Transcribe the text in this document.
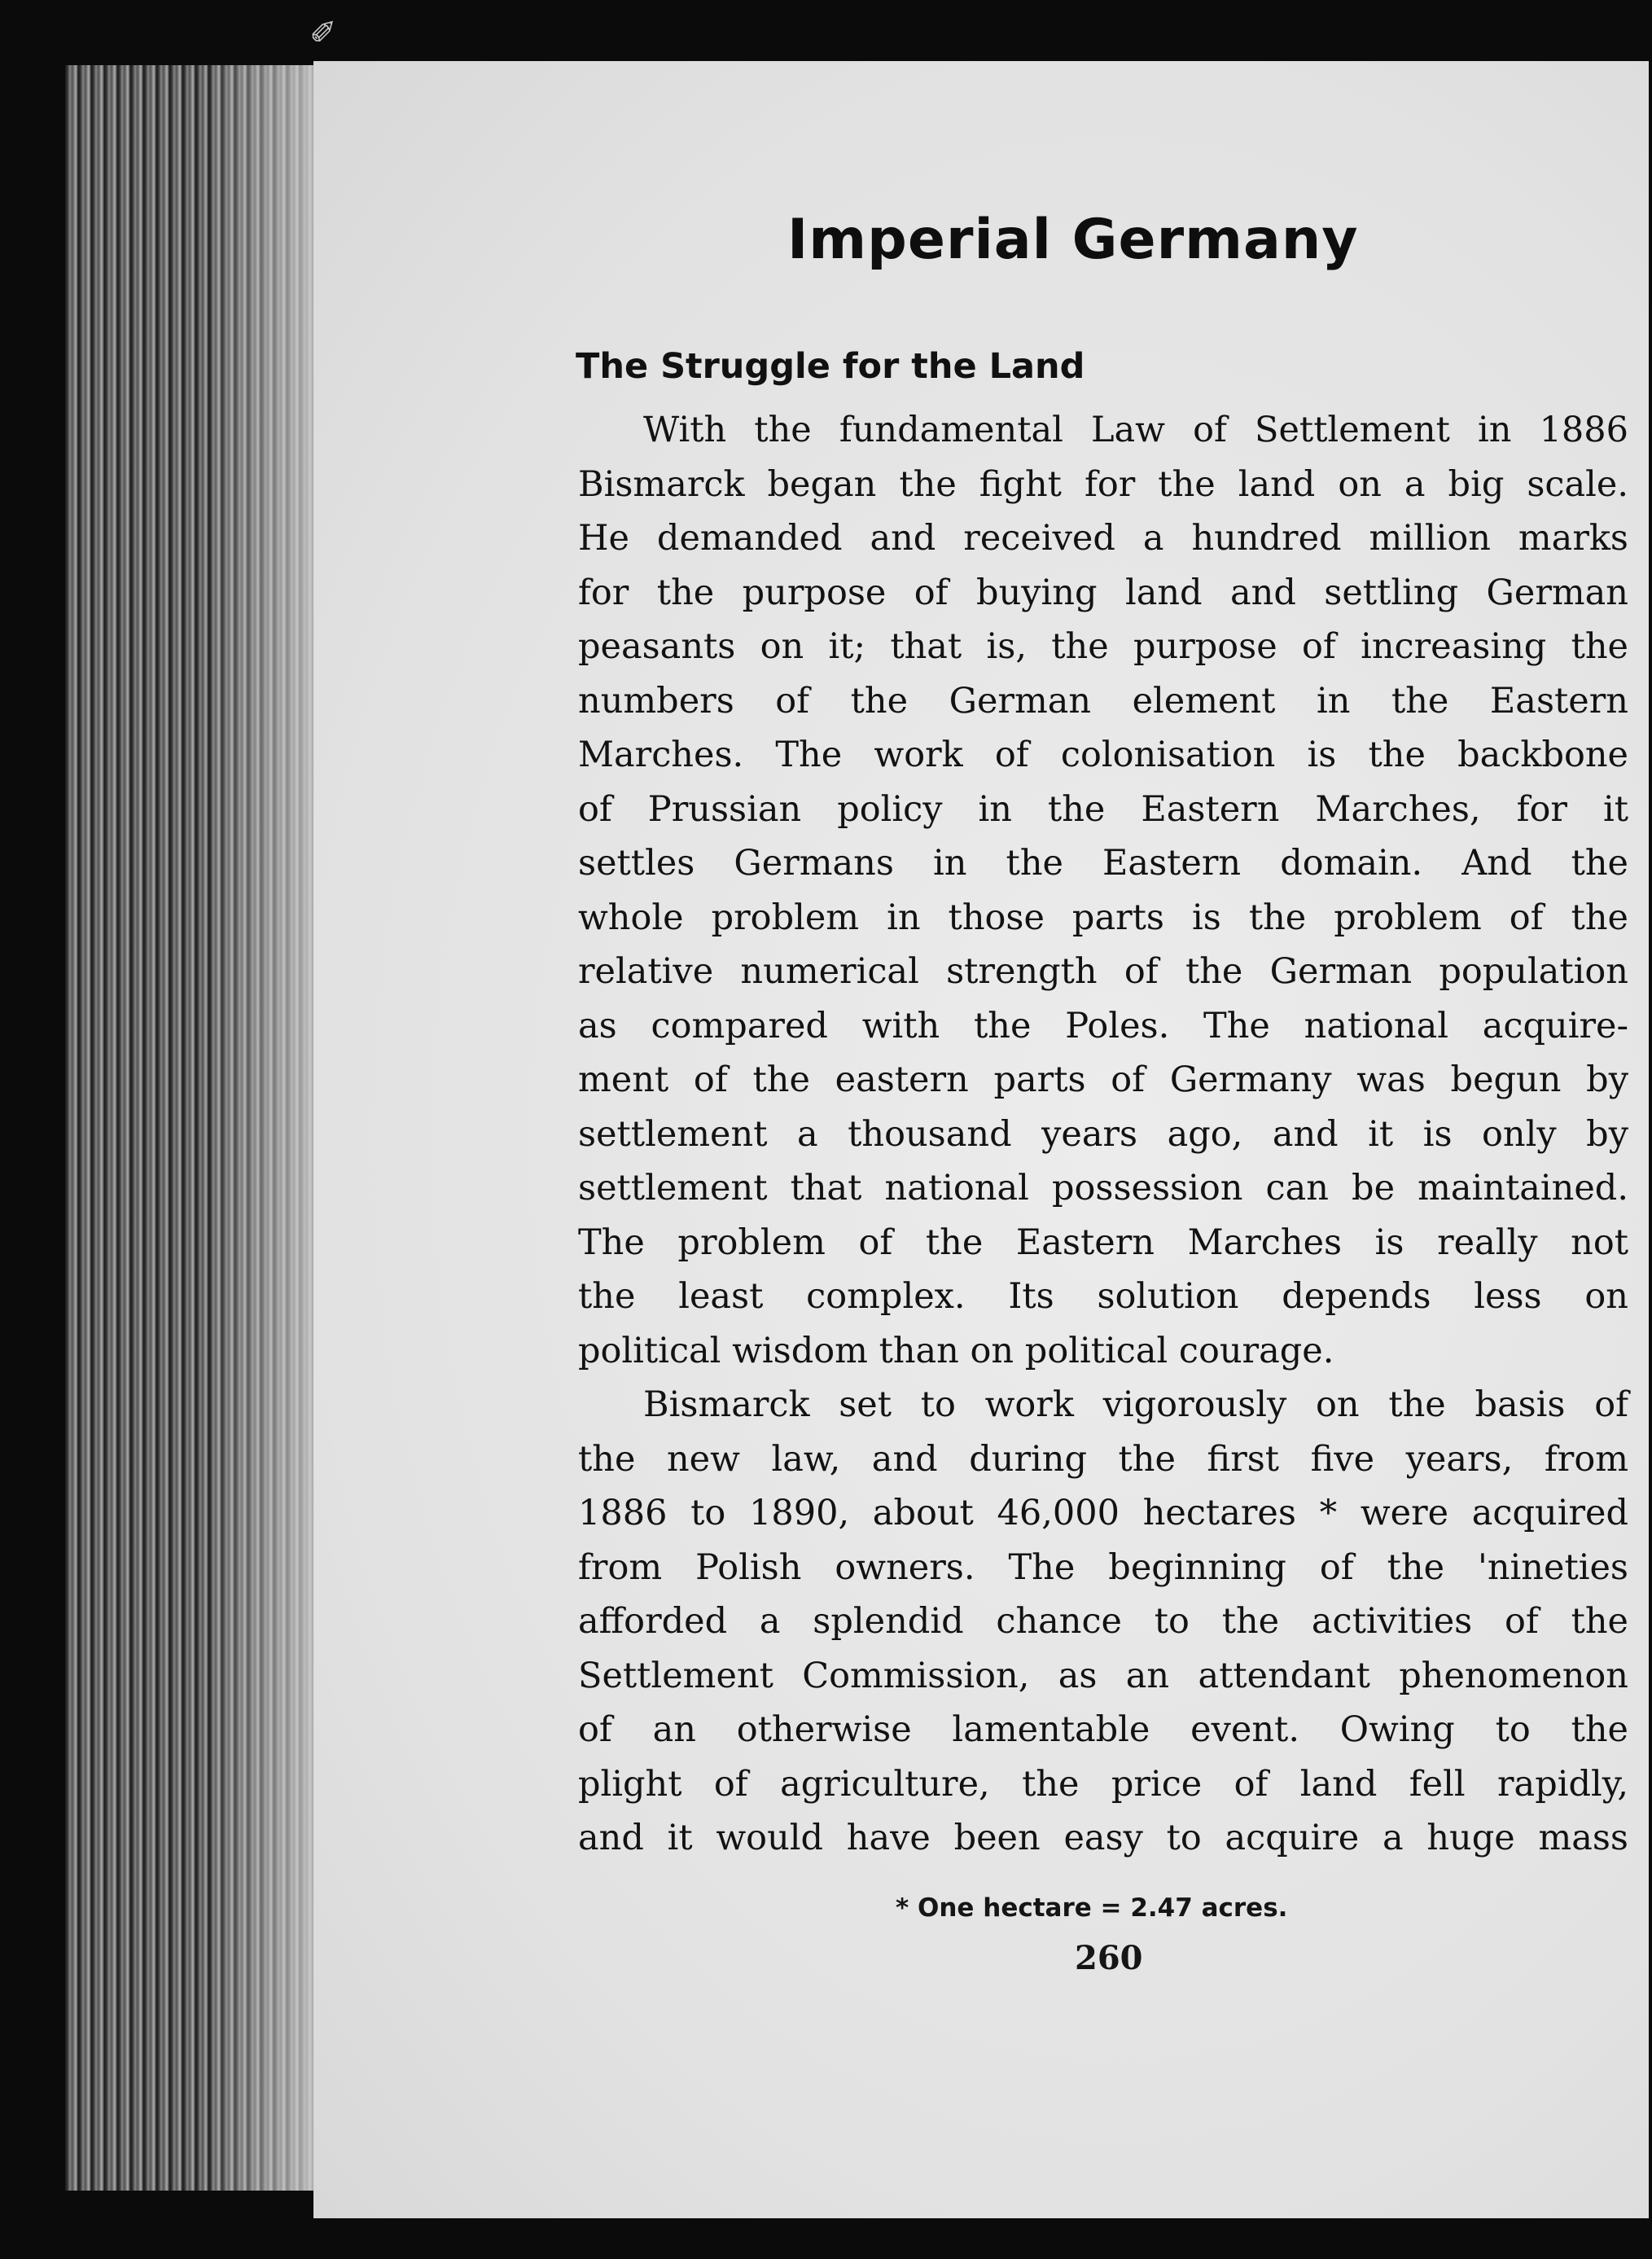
✐
Imperial Germany
The Struggle for the Land
With the fundamental Law of Settlement in 1886
Bismarck began the fight for the land on a big scale.
He demanded and received a hundred million marks
for the purpose of buying land and settling German
peasants on it; that is, the purpose of increasing the
numbers of the German element in the Eastern
Marches. The work of colonisation is the backbone
of Prussian policy in the Eastern Marches, for it
settles Germans in the Eastern domain. And the
whole problem in those parts is the problem of the
relative numerical strength of the German population
as compared with the Poles. The national acquire-
ment of the eastern parts of Germany was begun by
settlement a thousand years ago, and it is only by
settlement that national possession can be maintained.
The problem of the Eastern Marches is really not
the least complex. Its solution depends less on
political wisdom than on political courage.
Bismarck set to work vigorously on the basis of
the new law, and during the first five years, from
1886 to 1890, about 46,000 hectares * were acquired
from Polish owners. The beginning of the 'nineties
afforded a splendid chance to the activities of the
Settlement Commission, as an attendant phenomenon
of an otherwise lamentable event. Owing to the
plight of agriculture, the price of land fell rapidly,
and it would have been easy to acquire a huge mass

* One hectare = 2.47 acres.

260
